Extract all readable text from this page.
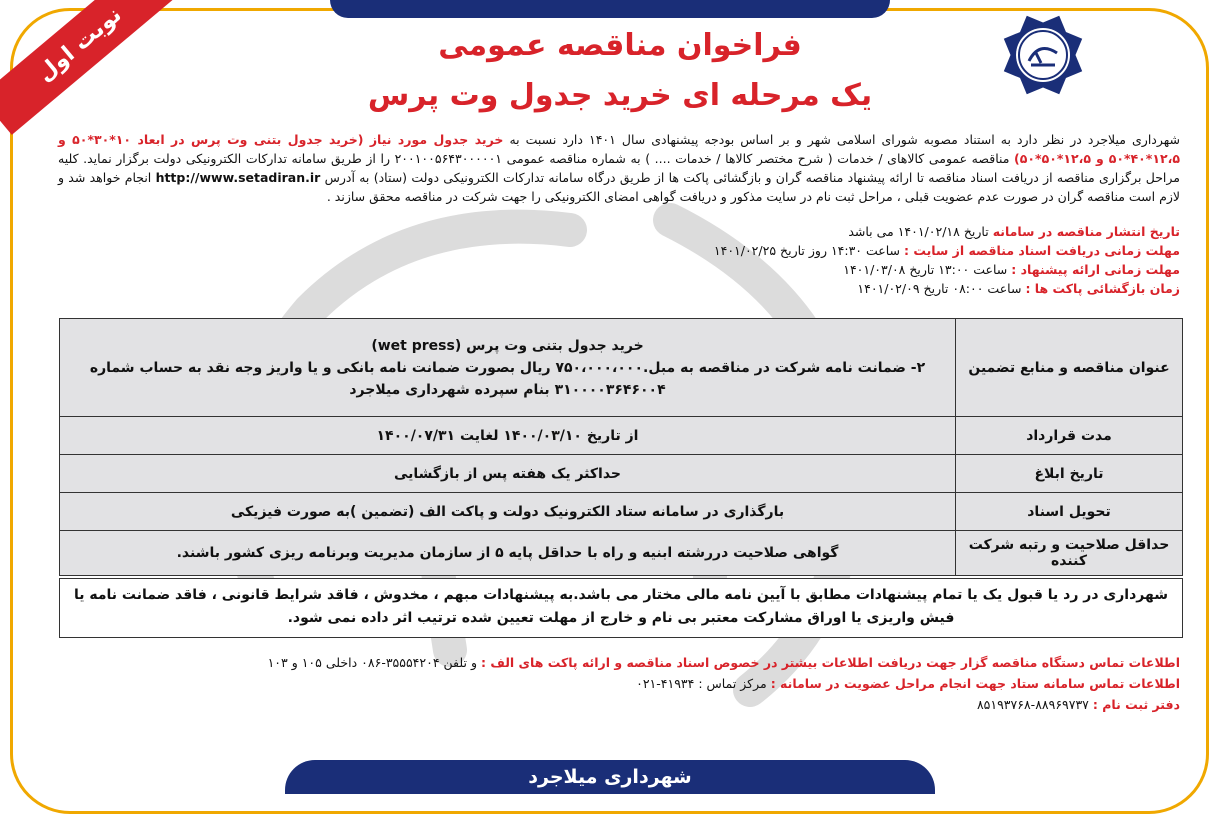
نوبت اول	فراخوان مناقصه عمومی
یک مرحله ای خرید جدول وت پرس

شهرداری میلاجرد در نظر دارد به استناد مصوبه شورای اسلامی شهر و بر اساس بودجه پیشنهادی سال ۱۴۰۱ دارد نسبت به خرید جدول مورد نیاز (خرید جدول بتنی وت پرس در ابعاد ۱۰*۳۰*۵۰ و ۱۲،۵*۴۰*۵۰ و ۱۲،۵*۵۰*۵۰) مناقصه عمومی کالاهای / خدمات ( شرح مختصر کالاها / خدمات .... ) به شماره مناقصه عمومی ۲۰۰۱۰۰۵۶۴۳۰۰۰۰۰۱ را از طریق سامانه تدارکات الکترونیکی دولت برگزار نماید. کلیه مراحل برگزاری مناقصه از دریافت اسناد مناقصه تا ارائه پیشنهاد مناقصه گران و بازگشائی پاکت ها از طریق درگاه سامانه تدارکات الکترونیکی دولت (ستاد) به آدرس http://www.setadiran.ir انجام خواهد شد و لازم است مناقصه گران در صورت عدم عضویت قبلی ، مراحل ثبت نام در سایت مذکور و دریافت گواهی امضای الکترونیکی را جهت شرکت در مناقصه محقق سازند .

تاریخ انتشار مناقصه در سامانه تاریخ ۱۴۰۱/۰۲/۱۸ می باشد
مهلت زمانی دریافت اسناد مناقصه از سایت : ساعت ۱۴:۳۰ روز تاریخ ۱۴۰۱/۰۲/۲۵
مهلت زمانی ارائه پیشنهاد : ساعت ۱۳:۰۰ تاریخ ۱۴۰۱/۰۳/۰۸
زمان بازگشائی پاکت ها : ساعت ۰۸:۰۰ تاریخ ۱۴۰۱/۰۲/۰۹
عنوان مناقصه و منابع تضمین	خرید جدول بتنی وت پرس (wet press)
۲- ضمانت نامه شرکت در مناقصه به مبل.۷۵۰،۰۰۰،۰۰۰ ریال بصورت ضمانت نامه بانکی و یا واریز وجه نقد به حساب شماره
۳۱۰۰۰۰۳۶۴۶۰۰۴ بنام سپرده شهرداری میلاجرد

مدت قرارداد	از تاریخ ۱۴۰۰/۰۳/۱۰ لغایت ۱۴۰۰/۰۷/۳۱
تاریخ ابلاغ	حداکثر یک هفته پس از بازگشایی
تحویل اسناد	بارگذاری در سامانه ستاد الکترونیک دولت و پاکت الف (تضمین )به صورت فیزیکی
حداقل صلاحیت و رتبه شرکت کننده	گواهی صلاحیت دررشته ابنیه و راه با حداقل پایه ۵ از سازمان مدیریت وبرنامه ریزی کشور باشند.
شهرداری در رد یا قبول یک یا تمام پیشنهادات مطابق با آیین نامه مالی مختار می باشد.به پیشنهادات مبهم ، مخدوش ، فاقد شرایط قانونی ، فاقد ضمانت نامه یا فیش واریزی یا اوراق مشارکت معتبر بی نام و خارج از مهلت تعیین شده ترتیب اثر داده نمی شود.
اطلاعات تماس دستگاه مناقصه گزار جهت دریافت اطلاعات بیشتر در خصوص اسناد مناقصه و ارائه پاکت های الف : و تلفن ۳۵۵۵۴۲۰۴-۰۸۶ داخلی ۱۰۵ و ۱۰۳
اطلاعات تماس سامانه ستاد جهت انجام مراحل عضویت در سامانه : مرکز تماس : ۴۱۹۳۴-۰۲۱
دفتر ثبت نام : ۸۸۹۶۹۷۳۷-۸۵۱۹۳۷۶۸
شهرداری میلاجرد
